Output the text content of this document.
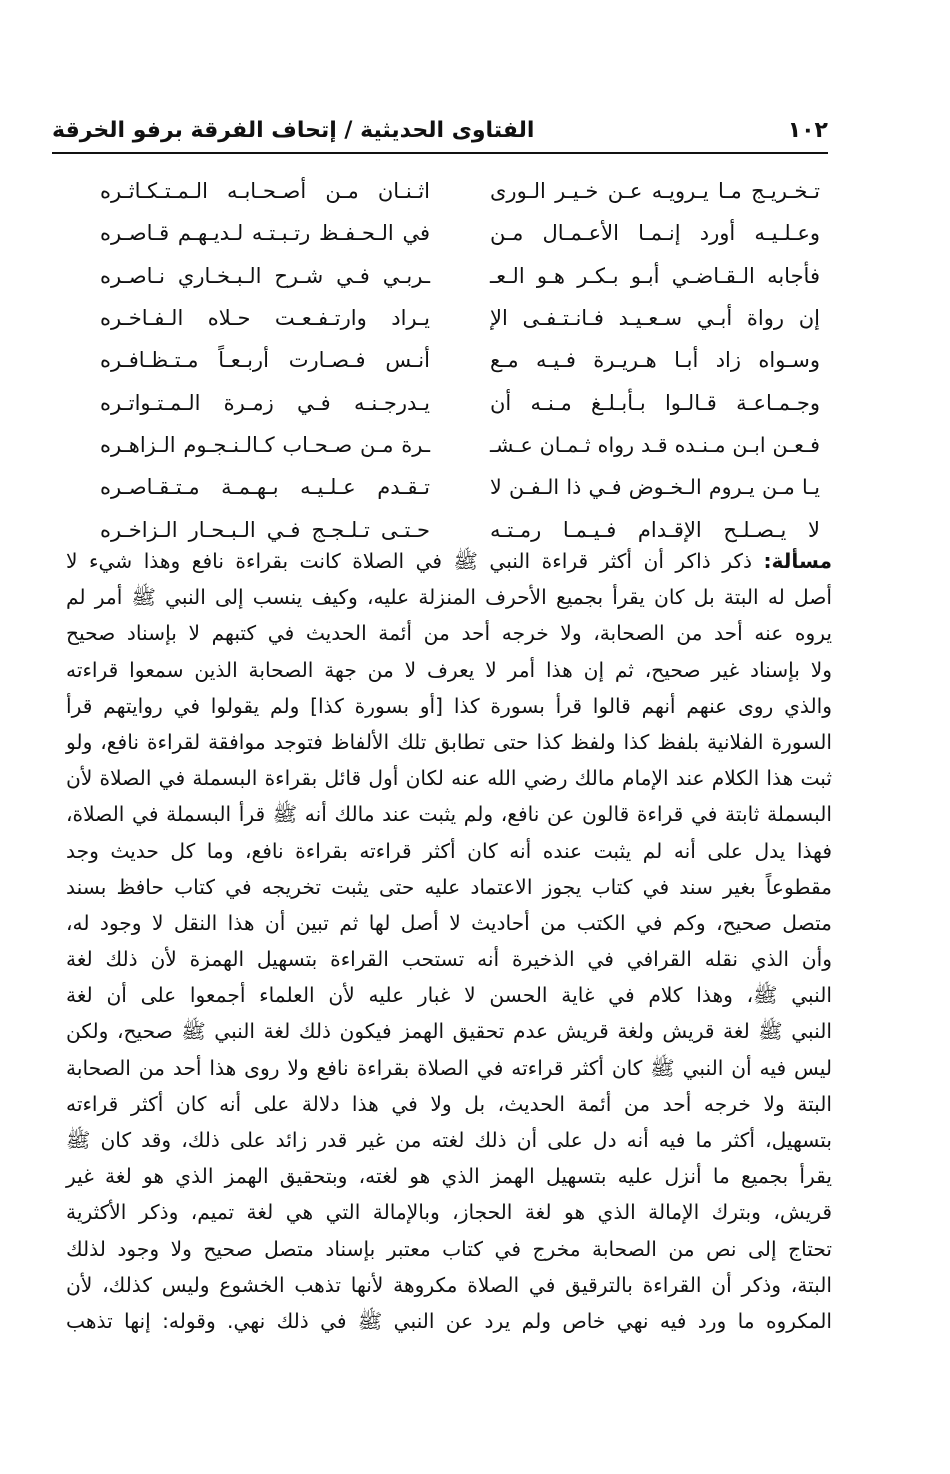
١٠٢
الفتاوى الحديثية / إتحاف الفرقة برفو الخرقة
تـخـريـج مـا يـرويـه عـن خـيـر الـورى
اثـنـان مـن أصـحـابـه الـمـتـكـاثـره
وعـلـيـه أورد إنـمـا الأعـمـال مـن
في الـحـفـظ رتـبـتـه لـديـهـم قـاصـره
فأجابه الـقـاضـي أبـو بـكـر هـو الـعـ
ـربـي فـي شـرح الـبـخـاري نـاصـره
إن رواة أبـي سـعـيـد فـانـتـفـى الإ
يـراد وارتـفـعـت حـلاه الـفـاخـره
وسـواه زاد أبـا هـريـرة فـيـه مـع
أنـس فـصـارت أربـعـاً مـتـظـافـره
وجـمـاعـة قـالـوا بـأبـلـغ مـنـه أن
يـدرجـنـه فـي زمـرة الـمـتـواتـره
فـعـن ابـن مـنـده قـد رواه ثـمـان عـشـ
ـرة مـن صـحـاب كـالـنـجـوم الـزاهـره
يـا مـن يـروم الـخـوض فـي ذا الـفـن لا
تـقـدم عـلـيـه بـهـمـة مـتـقـاصـره
لا يـصـلـح الإقـدام فـيـمـا رمـتـه
حـتـى تـلـجـج فـي الـبـحـار الـزاخـره
مسألة: ذكر ذاكر أن أكثر قراءة النبي ﷺ في الصلاة كانت بقراءة نافع وهذا شيء لا
أصل له البتة بل كان يقرأ بجميع الأحرف المنزلة عليه، وكيف ينسب إلى النبي ﷺ أمر لم
يروه عنه أحد من الصحابة، ولا خرجه أحد من أئمة الحديث في كتبهم لا بإسناد صحيح
ولا بإسناد غير صحيح، ثم إن هذا أمر لا يعرف لا من جهة الصحابة الذين سمعوا قراءته
والذي روى عنهم أنهم قالوا قرأ بسورة كذا [أو بسورة كذا] ولم يقولوا في روايتهم قرأ
السورة الفلانية بلفظ كذا ولفظ كذا حتى تطابق تلك الألفاظ فتوجد موافقة لقراءة نافع، ولو
ثبت هذا الكلام عند الإمام مالك رضي الله عنه لكان أول قائل بقراءة البسملة في الصلاة لأن
البسملة ثابتة في قراءة قالون عن نافع، ولم يثبت عند مالك أنه ﷺ قرأ البسملة في الصلاة،
فهذا يدل على أنه لم يثبت عنده أنه كان أكثر قراءته بقراءة نافع، وما كل حديث وجد
مقطوعاً بغير سند في كتاب يجوز الاعتماد عليه حتى يثبت تخريجه في كتاب حافظ بسند
متصل صحيح، وكم في الكتب من أحاديث لا أصل لها ثم تبين أن هذا النقل لا وجود له،
وأن الذي نقله القرافي في الذخيرة أنه تستحب القراءة بتسهيل الهمزة لأن ذلك لغة
النبي ﷺ، وهذا كلام في غاية الحسن لا غبار عليه لأن العلماء أجمعوا على أن لغة
النبي ﷺ لغة قريش ولغة قريش عدم تحقيق الهمز فيكون ذلك لغة النبي ﷺ صحيح، ولكن
ليس فيه أن النبي ﷺ كان أكثر قراءته في الصلاة بقراءة نافع ولا روى هذا أحد من الصحابة
البتة ولا خرجه أحد من أئمة الحديث، بل ولا في هذا دلالة على أنه كان أكثر قراءته
بتسهيل، أكثر ما فيه أنه دل على أن ذلك لغته من غير قدر زائد على ذلك، وقد كان ﷺ
يقرأ بجميع ما أنزل عليه بتسهيل الهمز الذي هو لغته، وبتحقيق الهمز الذي هو لغة غير
قريش، وبترك الإمالة الذي هو لغة الحجاز، وبالإمالة التي هي لغة تميم، وذكر الأكثرية
تحتاج إلى نص من الصحابة مخرج في كتاب معتبر بإسناد متصل صحيح ولا وجود لذلك
البتة، وذكر أن القراءة بالترقيق في الصلاة مكروهة لأنها تذهب الخشوع وليس كذلك، لأن
المكروه ما ورد فيه نهي خاص ولم يرد عن النبي ﷺ في ذلك نهي. وقوله: إنها تذهب
